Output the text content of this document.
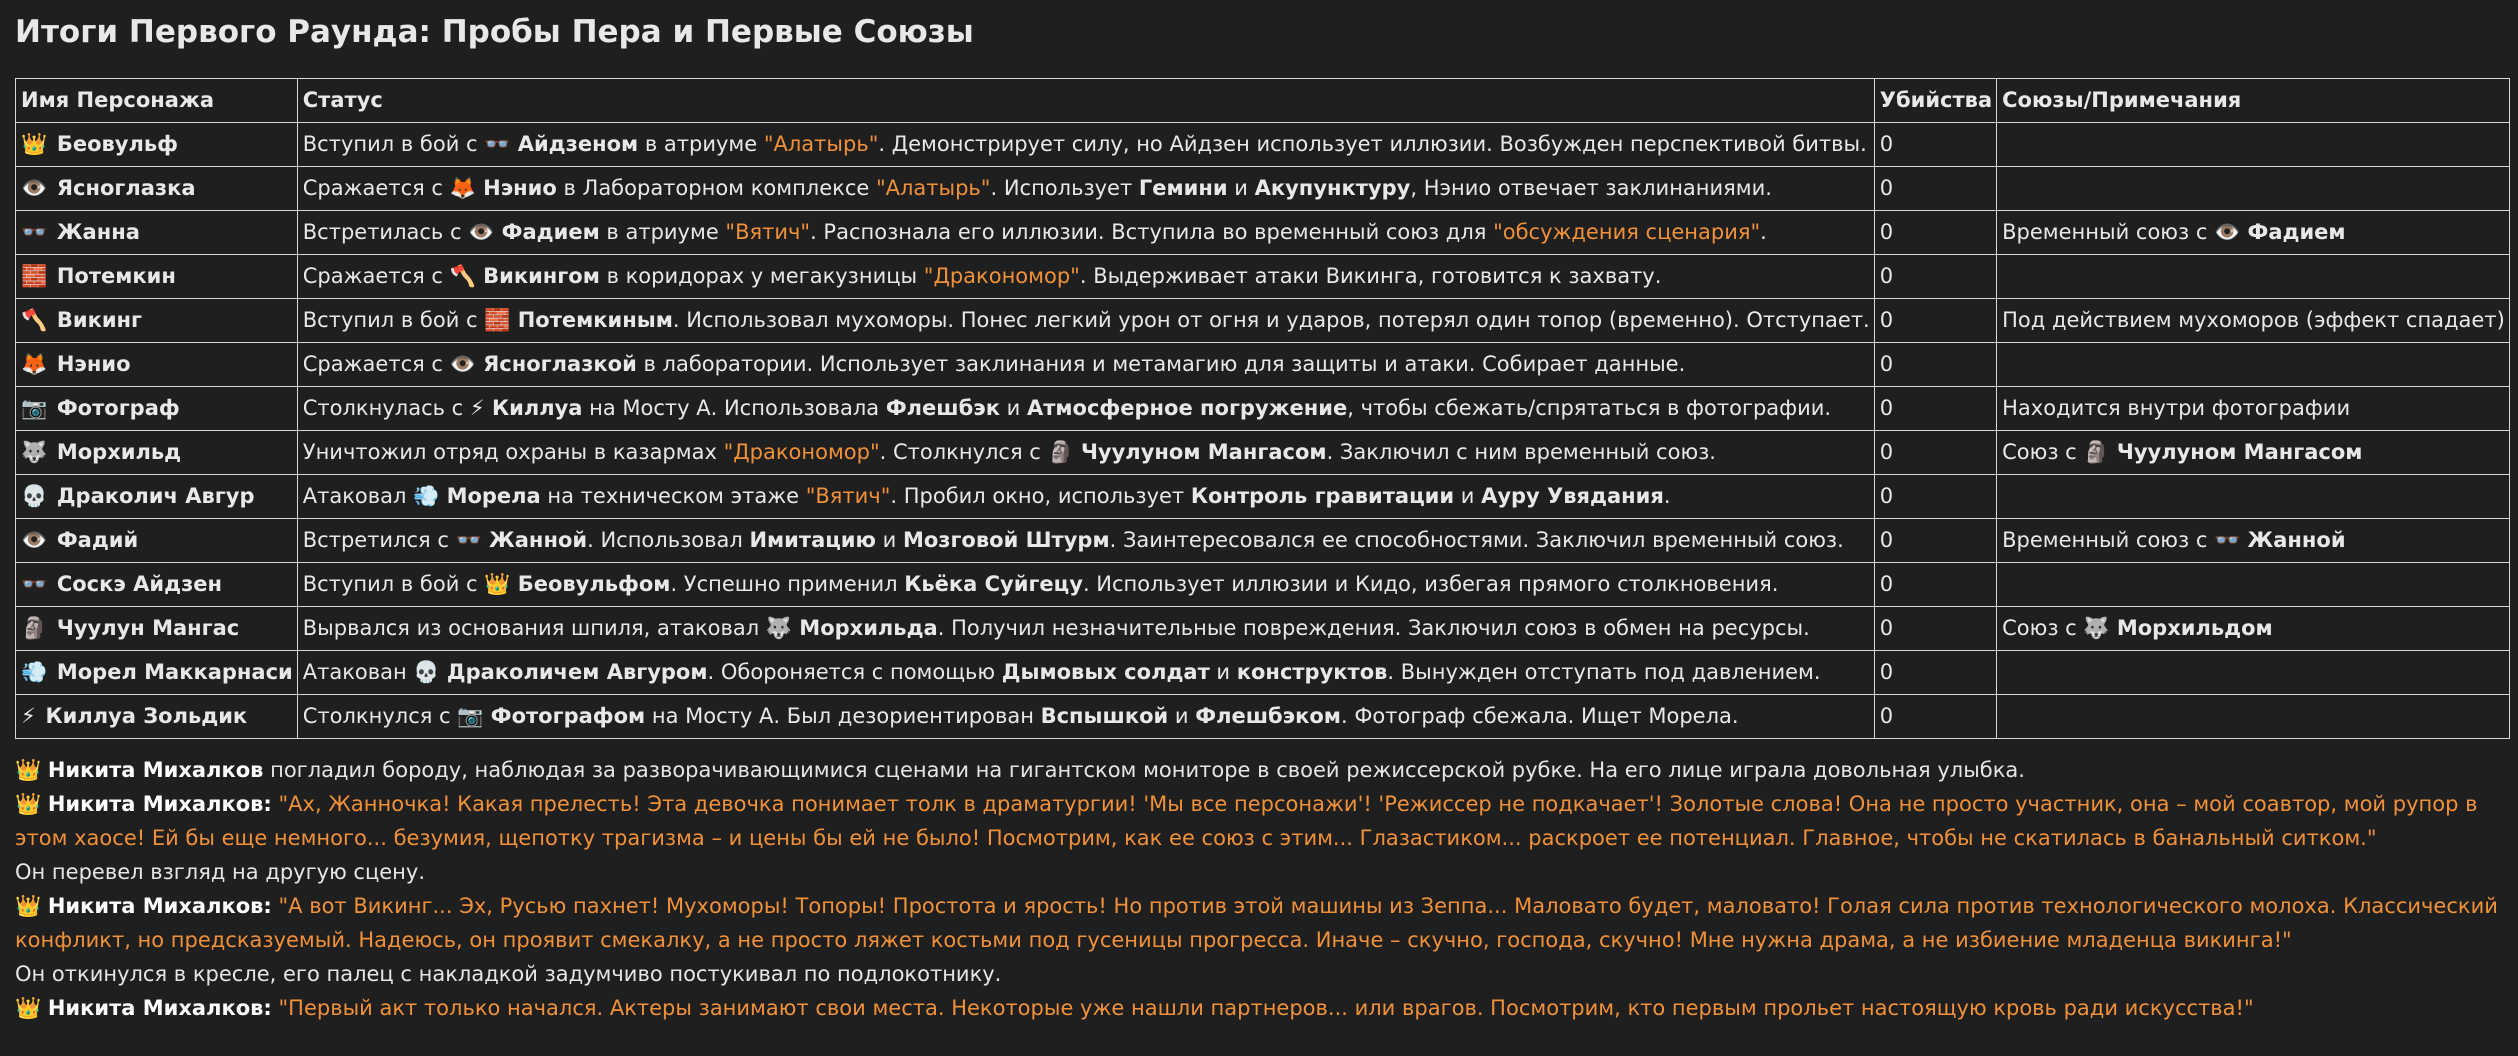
Итоги Первого Раунда: Пробы Пера и Первые Союзы
Имя Персонажа	Статус	Убийства	Союзы/Примечания
👑 Беовульф	Вступил в бой с 👓 Айдзеном в атриуме "Алатырь". Демонстрирует силу, но Айдзен использует иллюзии. Возбужден перспективой битвы.	0	
👁️ Ясноглазка	Сражается с 🦊 Нэнио в Лабораторном комплексе "Алатырь". Использует Гемини и Акупунктуру, Нэнио отвечает заклинаниями.	0	
👓 Жанна	Встретилась с 👁️ Фадием в атриуме "Вятич". Распознала его иллюзии. Вступила во временный союз для "обсуждения сценария".	0	Временный союз с 👁️ Фадием
🧱 Потемкин	Сражается с 🪓 Викингом в коридорах у мегакузницы "Дракономор". Выдерживает атаки Викинга, готовится к захвату.	0	
🪓 Викинг	Вступил в бой с 🧱 Потемкиным. Использовал мухоморы. Понес легкий урон от огня и ударов, потерял один топор (временно). Отступает.	0	Под действием мухоморов (эффект спадает)
🦊 Нэнио	Сражается с 👁️ Ясноглазкой в лаборатории. Использует заклинания и метамагию для защиты и атаки. Собирает данные.	0	
📷 Фотограф	Столкнулась с ⚡ Киллуа на Мосту А. Использовала Флешбэк и Атмосферное погружение, чтобы сбежать/спрятаться в фотографии.	0	Находится внутри фотографии
🐺 Морхильд	Уничтожил отряд охраны в казармах "Дракономор". Столкнулся с 🗿 Чуулуном Мангасом. Заключил с ним временный союз.	0	Союз с 🗿 Чуулуном Мангасом
💀 Драколич Авгур	Атаковал 💨 Морела на техническом этаже "Вятич". Пробил окно, использует Контроль гравитации и Ауру Увядания.	0	
👁️ Фадий	Встретился с 👓 Жанной. Использовал Имитацию и Мозговой Штурм. Заинтересовался ее способностями. Заключил временный союз.	0	Временный союз с 👓 Жанной
👓 Соскэ Айдзен	Вступил в бой с 👑 Беовульфом. Успешно применил Кьёка Суйгецу. Использует иллюзии и Кидо, избегая прямого столкновения.	0	
🗿 Чуулун Мангас	Вырвался из основания шпиля, атаковал 🐺 Морхильда. Получил незначительные повреждения. Заключил союз в обмен на ресурсы.	0	Союз с 🐺 Морхильдом
💨 Морел Маккарнаси	Атакован 💀 Драколичем Авгуром. Обороняется с помощью Дымовых солдат и конструктов. Вынужден отступать под давлением.	0	
⚡ Киллуа Зольдик	Столкнулся с 📷 Фотографом на Мосту А. Был дезориентирован Вспышкой и Флешбэком. Фотограф сбежала. Ищет Морела.	0	
👑 Никита Михалков погладил бороду, наблюдая за разворачивающимися сценами на гигантском мониторе в своей режиссерской рубке. На его лице играла довольная улыбка.
👑 Никита Михалков: "Ах, Жанночка! Какая прелесть! Эта девочка понимает толк в драматургии! 'Мы все персонажи'! 'Режиссер не подкачает'! Золотые слова! Она не просто участник, она – мой соавтор, мой рупор в этом хаосе! Ей бы еще немного... безумия, щепотку трагизма – и цены бы ей не было! Посмотрим, как ее союз с этим... Глазастиком... раскроет ее потенциал. Главное, чтобы не скатилась в банальный ситком."
Он перевел взгляд на другую сцену.
👑 Никита Михалков: "А вот Викинг... Эх, Русью пахнет! Мухоморы! Топоры! Простота и ярость! Но против этой машины из Зеппа... Маловато будет, маловато! Голая сила против технологического молоха. Классический конфликт, но предсказуемый. Надеюсь, он проявит смекалку, а не просто ляжет костьми под гусеницы прогресса. Иначе – скучно, господа, скучно! Мне нужна драма, а не избиение младенца викинга!"
Он откинулся в кресле, его палец с накладкой задумчиво постукивал по подлокотнику.
👑 Никита Михалков: "Первый акт только начался. Актеры занимают свои места. Некоторые уже нашли партнеров... или врагов. Посмотрим, кто первым прольет настоящую кровь ради искусства!"
